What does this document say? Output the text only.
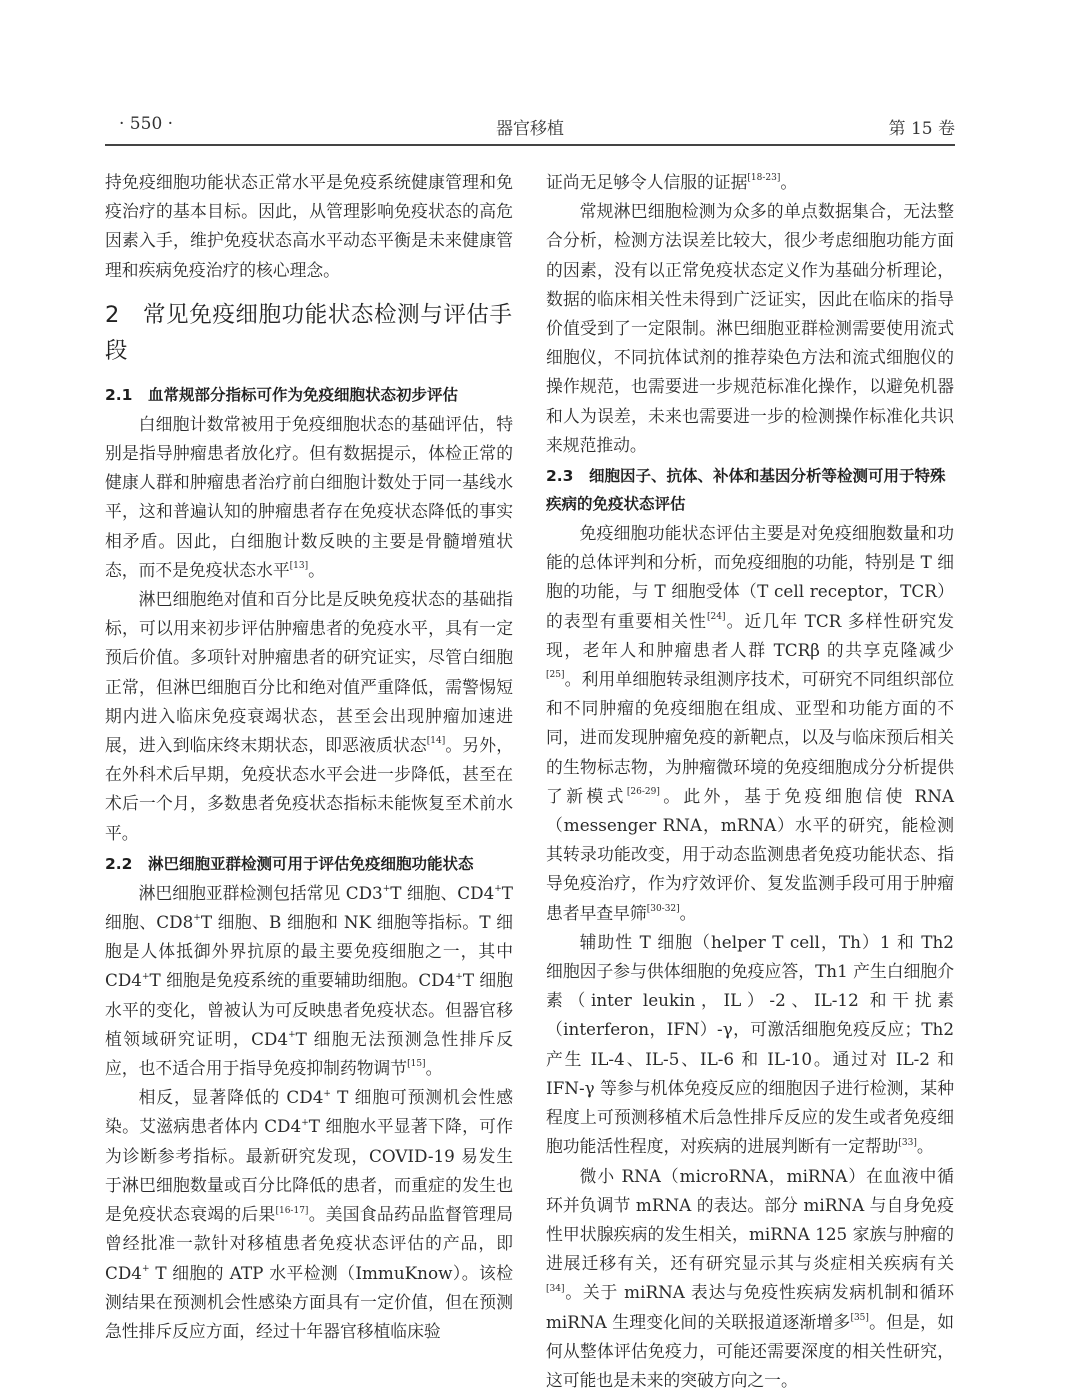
· 550 ·	器官移植	第 15 卷

持免疫细胞功能状态正常水平是免疫系统健康管理和免疫治疗的基本目标。因此，从管理影响免疫状态的高危因素入手，维护免疫状态高水平动态平衡是未来健康管理和疾病免疫治疗的核心理念。

2　常见免疫细胞功能状态检测与评估手段
2.1　血常规部分指标可作为免疫细胞状态初步评估

白细胞计数常被用于免疫细胞状态的基础评估，特别是指导肿瘤患者放化疗。但有数据提示，体检正常的健康人群和肿瘤患者治疗前白细胞计数处于同一基线水平，这和普遍认知的肿瘤患者存在免疫状态降低的事实相矛盾。因此，白细胞计数反映的主要是骨髓增殖状态，而不是免疫状态水平[13]。

淋巴细胞绝对值和百分比是反映免疫状态的基础指标，可以用来初步评估肿瘤患者的免疫水平，具有一定预后价值。多项针对肿瘤患者的研究证实，尽管白细胞正常，但淋巴细胞百分比和绝对值严重降低，需警惕短期内进入临床免疫衰竭状态，甚至会出现肿瘤加速进展，进入到临床终末期状态，即恶液质状态[14]。另外，在外科术后早期，免疫状态水平会进一步降低，甚至在术后一个月，多数患者免疫状态指标未能恢复至术前水平。

2.2　淋巴细胞亚群检测可用于评估免疫细胞功能状态

淋巴细胞亚群检测包括常见 CD3+T 细胞、CD4+T 细胞、CD8+T 细胞、B 细胞和 NK 细胞等指标。T 细胞是人体抵御外界抗原的最主要免疫细胞之一，其中 CD4+T 细胞是免疫系统的重要辅助细胞。CD4+T 细胞水平的变化，曾被认为可反映患者免疫状态。但器官移植领域研究证明，CD4+T 细胞无法预测急性排斥反应，也不适合用于指导免疫抑制药物调节[15]。

相反，显著降低的 CD4+ T 细胞可预测机会性感染。艾滋病患者体内 CD4+T 细胞水平显著下降，可作为诊断参考指标。最新研究发现，COVID-19 易发生于淋巴细胞数量或百分比降低的患者，而重症的发生也是免疫状态衰竭的后果[16-17]。美国食品药品监督管理局曾经批准一款针对移植患者免疫状态评估的产品，即 CD4+ T 细胞的 ATP 水平检测（ImmuKnow）。该检测结果在预测机会性感染方面具有一定价值，但在预测急性排斥反应方面，经过十年器官移植临床验

证尚无足够令人信服的证据[18-23]。

常规淋巴细胞检测为众多的单点数据集合，无法整合分析，检测方法误差比较大，很少考虑细胞功能方面的因素，没有以正常免疫状态定义作为基础分析理论，数据的临床相关性未得到广泛证实，因此在临床的指导价值受到了一定限制。淋巴细胞亚群检测需要使用流式细胞仪，不同抗体试剂的推荐染色方法和流式细胞仪的操作规范，也需要进一步规范标准化操作，以避免机器和人为误差，未来也需要进一步的检测操作标准化共识来规范推动。

2.3　细胞因子、抗体、补体和基因分析等检测可用于特殊疾病的免疫状态评估

免疫细胞功能状态评估主要是对免疫细胞数量和功能的总体评判和分析，而免疫细胞的功能，特别是 T 细胞的功能，与 T 细胞受体（T cell receptor，TCR）的表型有重要相关性[24]。近几年 TCR 多样性研究发现，老年人和肿瘤患者人群 TCRβ 的共享克隆减少[25]。利用单细胞转录组测序技术，可研究不同组织部位和不同肿瘤的免疫细胞在组成、亚型和功能方面的不同，进而发现肿瘤免疫的新靶点，以及与临床预后相关的生物标志物，为肿瘤微环境的免疫细胞成分分析提供了新模式[26-29]。此外，基于免疫细胞信使 RNA（messenger RNA，mRNA）水平的研究，能检测其转录功能改变，用于动态监测患者免疫功能状态、指导免疫治疗，作为疗效评价、复发监测手段可用于肿瘤患者早查早筛[30-32]。

辅助性 T 细胞（helper T cell，Th）1 和 Th2 细胞因子参与供体细胞的免疫应答，Th1 产生白细胞介素（inter leukin，IL）-2、IL-12 和干扰素（interferon，IFN）-γ，可激活细胞免疫反应；Th2 产生 IL-4、IL-5、IL-6 和 IL-10。通过对 IL-2 和 IFN-γ 等参与机体免疫反应的细胞因子进行检测，某种程度上可预测移植术后急性排斥反应的发生或者免疫细胞功能活性程度，对疾病的进展判断有一定帮助[33]。

微小 RNA（microRNA，miRNA）在血液中循环并负调节 mRNA 的表达。部分 miRNA 与自身免疫性甲状腺疾病的发生相关，miRNA 125 家族与肿瘤的进展迁移有关，还有研究显示其与炎症相关疾病有关[34]。关于 miRNA 表达与免疫性疾病发病机制和循环 miRNA 生理变化间的关联报道逐渐增多[35]。但是，如何从整体评估免疫力，可能还需要深度的相关性研究，这可能也是未来的突破方向之一。
